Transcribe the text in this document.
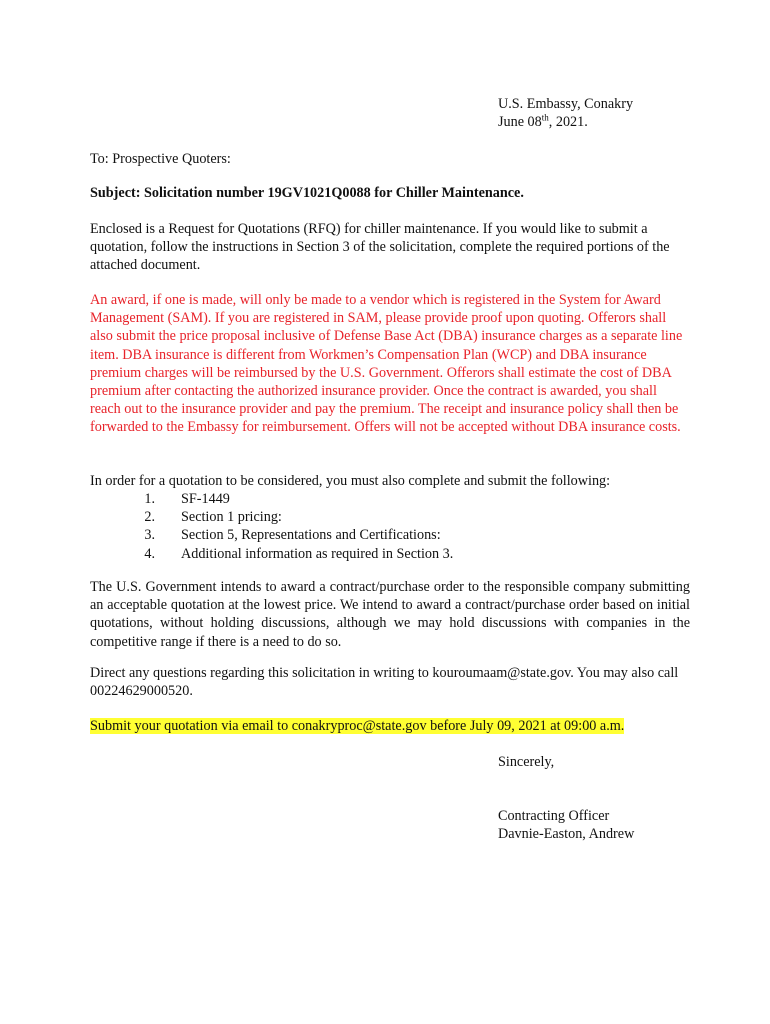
U.S. Embassy, Conakry
June 08th, 2021.
To: Prospective Quoters:
Subject: Solicitation number 19GV1021Q0088 for Chiller Maintenance.
Enclosed is a Request for Quotations (RFQ) for chiller maintenance. If you would like to submit a quotation, follow the instructions in Section 3 of the solicitation, complete the required portions of the attached document.
An award, if one is made, will only be made to a vendor which is registered in the System for Award Management (SAM). If you are registered in SAM, please provide proof upon quoting. Offerors shall also submit the price proposal inclusive of Defense Base Act (DBA) insurance charges as a separate line item. DBA insurance is different from Workmen’s Compensation Plan (WCP) and DBA insurance premium charges will be reimbursed by the U.S. Government. Offerors shall estimate the cost of DBA premium after contacting the authorized insurance provider. Once the contract is awarded, you shall reach out to the insurance provider and pay the premium. The receipt and insurance policy shall then be forwarded to the Embassy for reimbursement. Offers will not be accepted without DBA insurance costs.
In order for a quotation to be considered, you must also complete and submit the following:
1. SF-1449
2. Section 1 pricing:
3. Section 5, Representations and Certifications:
4. Additional information as required in Section 3.
The U.S. Government intends to award a contract/purchase order to the responsible company submitting an acceptable quotation at the lowest price. We intend to award a contract/purchase order based on initial quotations, without holding discussions, although we may hold discussions with companies in the competitive range if there is a need to do so.
Direct any questions regarding this solicitation in writing to kouroumaam@state.gov. You may also call 00224629000520.
Submit your quotation via email to conakryproc@state.gov before July 09, 2021 at 09:00 a.m.
Sincerely,
Contracting Officer
Davnie-Easton, Andrew
